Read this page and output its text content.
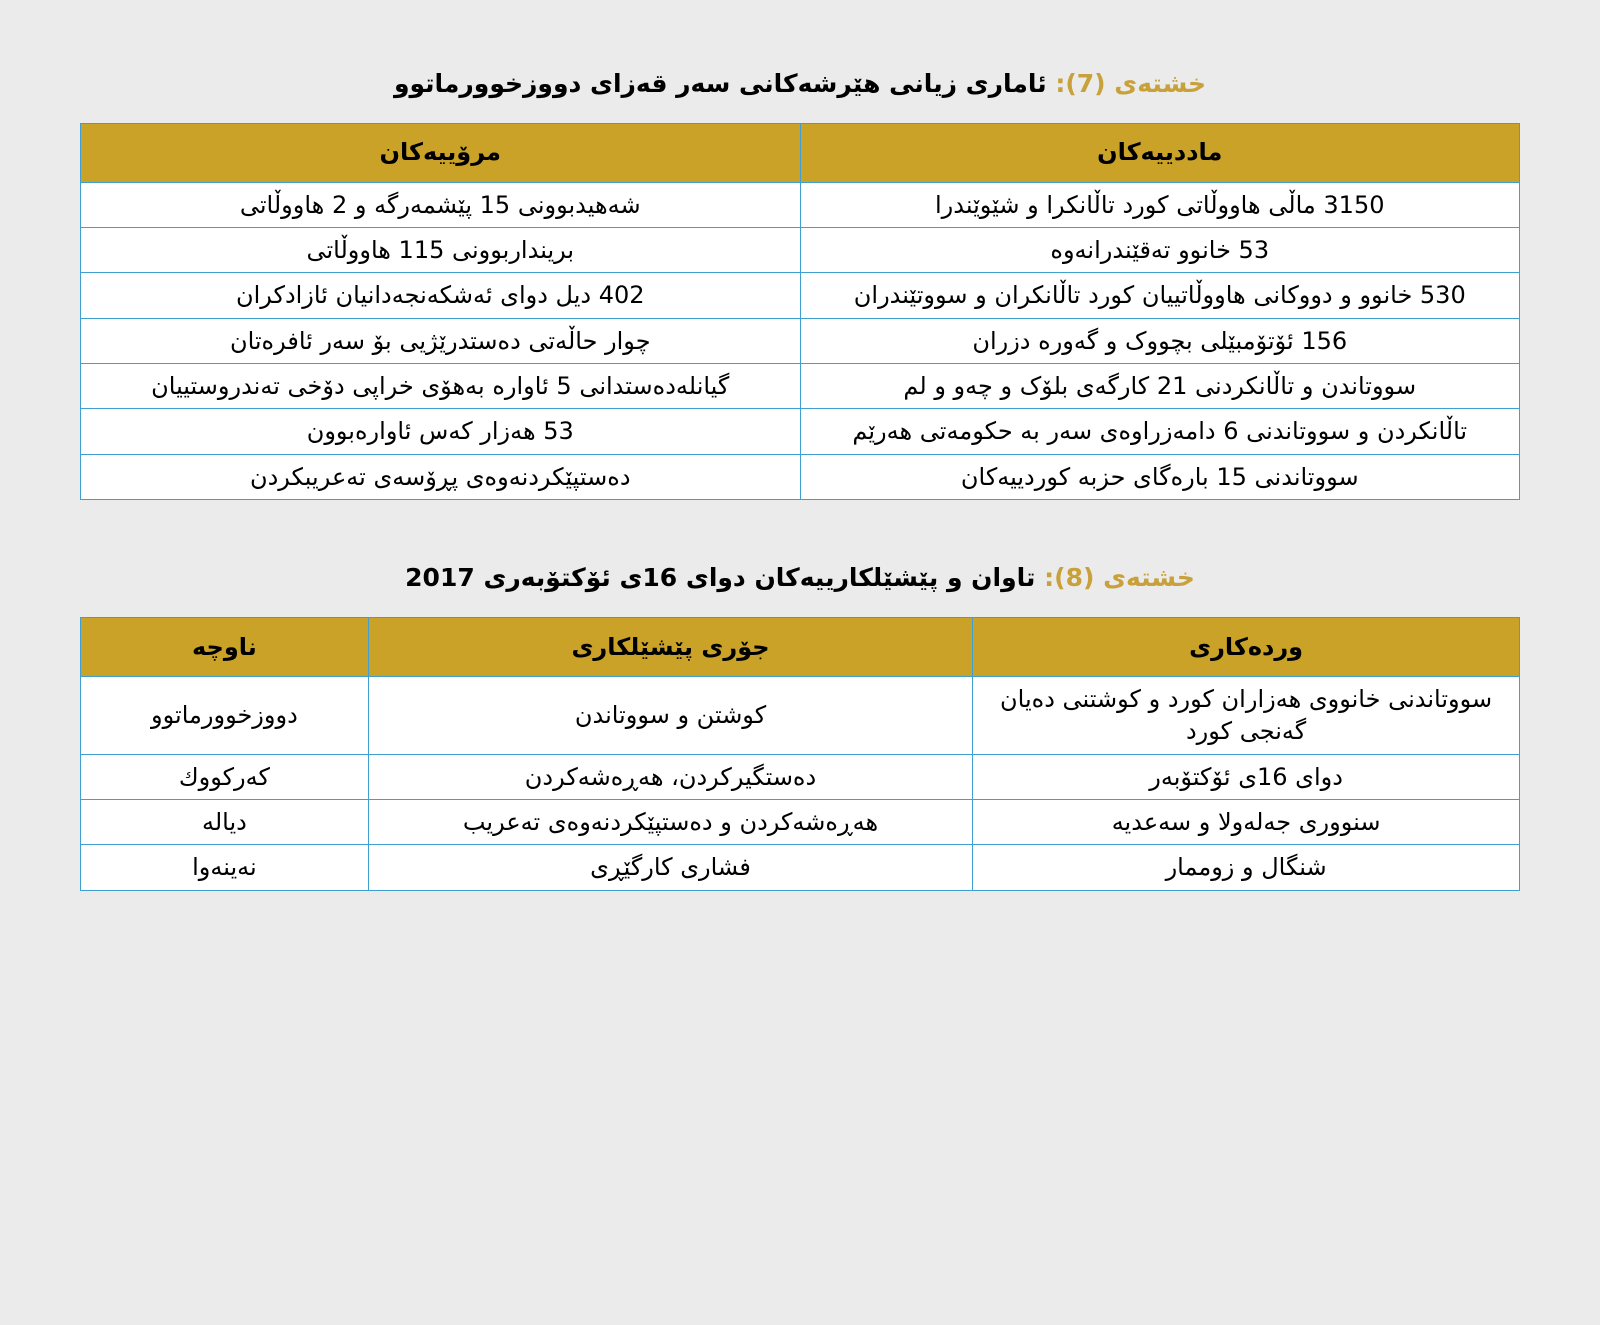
خشتەی (7): ئاماری زیانی هێرشەکانی سەر قەزای دووزخوورماتوو
ماددییەکان	مرۆییەکان
3150 ماڵی هاووڵاتی کورد تاڵانکرا و شێوێندرا	شەهیدبوونی 15 پێشمەرگە و 2 هاووڵاتی
53 خانوو تەقێندرانەوە	برینداربوونی 115 هاووڵاتی
530 خانوو و دووکانی هاووڵاتییان کورد تاڵانکران و سووتێندران	402 دیل دوای ئەشکەنجەدانیان ئازادکران
156 ئۆتۆمبێلی بچووک و گەورە دزران	چوار حاڵەتی دەستدرێژیی بۆ سەر ئافرەتان
سووتاندن و تاڵانکردنی 21 کارگەی بلۆک و چەو و لم	گیانلەدەستدانی 5 ئاوارە بەهۆی خراپی دۆخی تەندروستییان
تاڵانکردن و سووتاندنی 6 دامەزراوەی سەر بە حکومەتی هەرێم	53 هەزار کەس ئاوارەبوون
سووتاندنی 15 بارەگای حزبە کوردییەکان	دەستپێکردنەوەی پڕۆسەی تەعریبکردن
خشتەی (8): تاوان و پێشێلکارییەکان دوای 16ی ئۆکتۆبەری 2017
وردەکاری	جۆری پێشێلکاری	ناوچە
سووتاندنی خانووی هەزاران کورد و کوشتنی دەیان گەنجی کورد	کوشتن و سووتاندن	دووزخوورماتوو
دوای 16ی ئۆکتۆبەر	دەستگیرکردن، هەڕەشەکردن	کەرکووك
سنووری جەلەولا و سەعدیە	هەڕەشەکردن و دەستپێکردنەوەی تەعریب	دیالە
شنگال و زوممار	فشاری کارگێڕی	نەینەوا
